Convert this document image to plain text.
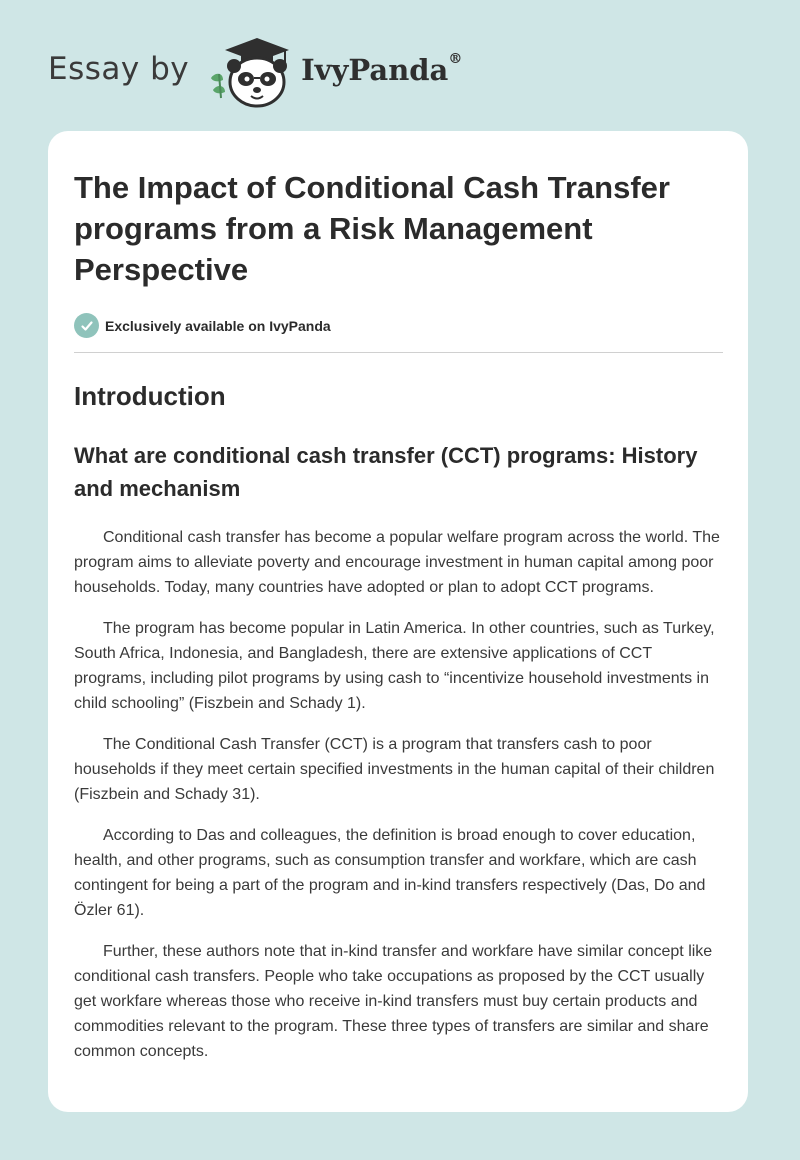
Essay by	IvyPanda®
The Impact of Conditional Cash Transfer programs from a Risk Management Perspective
Exclusively available on IvyPanda
Introduction
What are conditional cash transfer (CCT) programs: History and mechanism

Conditional cash transfer has become a popular welfare program across the world. The program aims to alleviate poverty and encourage investment in human capital among poor households. Today, many countries have adopted or plan to adopt CCT programs.

The program has become popular in Latin America. In other countries, such as Turkey, South Africa, Indonesia, and Bangladesh, there are extensive applications of CCT programs, including pilot programs by using cash to “incentivize household investments in child schooling” (Fiszbein and Schady 1).

The Conditional Cash Transfer (CCT) is a program that transfers cash to poor households if they meet certain specified investments in the human capital of their children (Fiszbein and Schady 31).

According to Das and colleagues, the definition is broad enough to cover education, health, and other programs, such as consumption transfer and workfare, which are cash contingent for being a part of the program and in-kind transfers respectively (Das, Do and Özler 61).

Further, these authors note that in-kind transfer and workfare have similar concept like conditional cash transfers. People who take occupations as proposed by the CCT usually get workfare whereas those who receive in-kind transfers must buy certain products and commodities relevant to the program. These three types of transfers are similar and share common concepts.
